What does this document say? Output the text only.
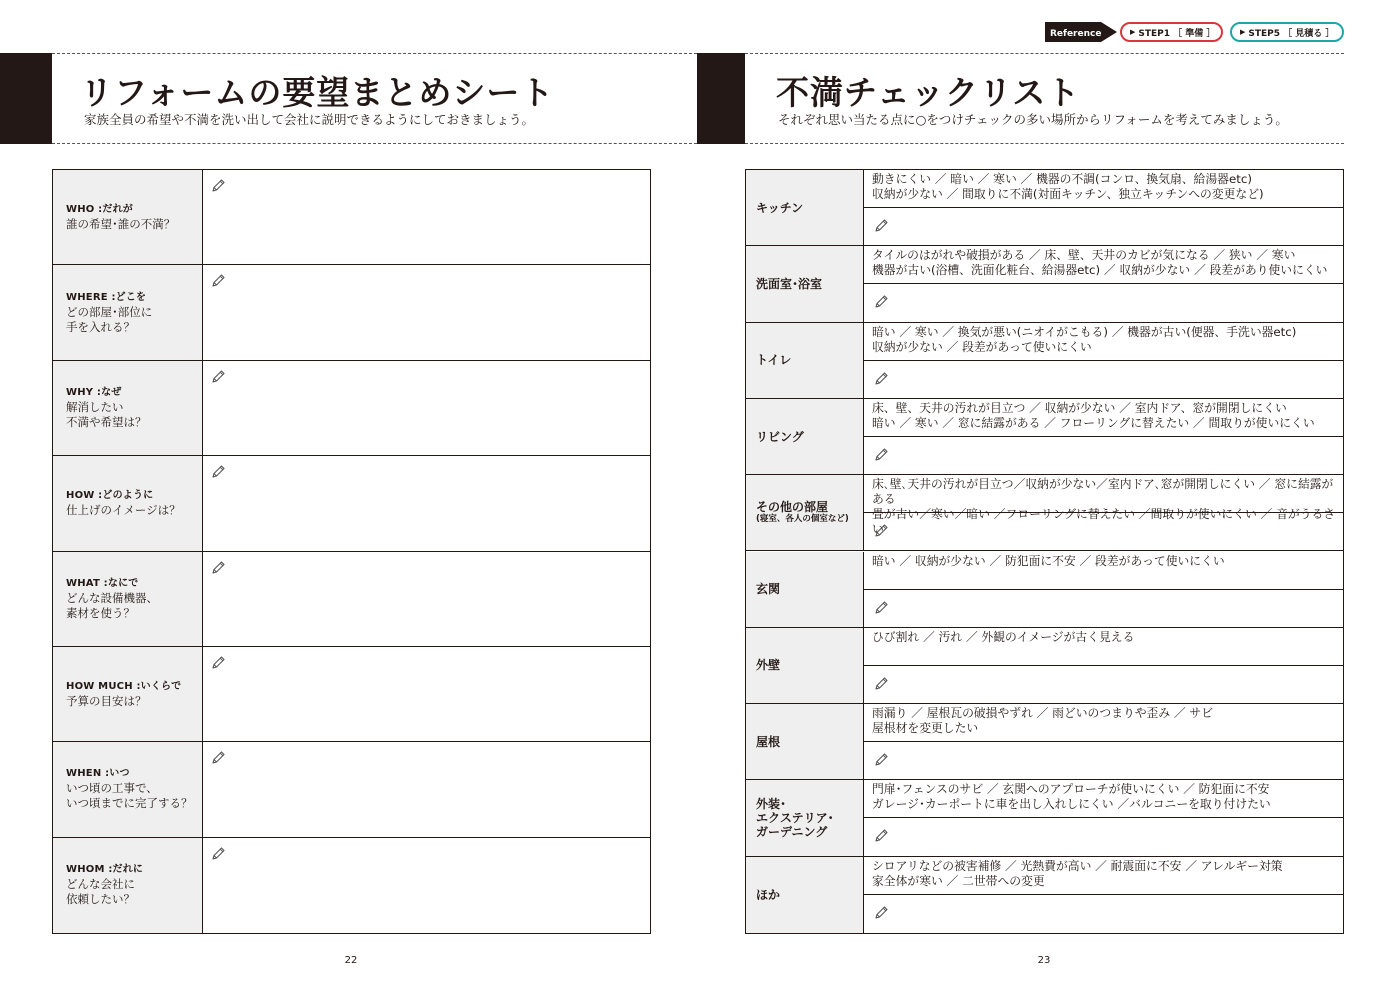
リフォームの要望まとめシート
家族全員の希望や不満を洗い出して会社に説明できるようにしておきましょう。
WHO :だれが
誰の希望･誰の不満？
WHERE :どこを
どの部屋･部位に
手を入れる？
WHY :なぜ
解消したい
不満や希望は？
HOW :どのように
仕上げのイメージは？
WHAT :なにで
どんな設備機器、
素材を使う？
HOW MUCH :いくらで
予算の目安は？
WHEN :いつ
いつ頃の工事で、
いつ頃までに完了する？
WHOM :だれに
どんな会社に
依頼したい？
22
不満チェックリスト
それぞれ思い当たる点に○をつけチェックの多い場所からリフォームを考えてみましょう。
キッチン
動きにくい ／ 暗い ／ 寒い ／ 機器の不調(コンロ、換気扇、給湯器etc)
収納が少ない ／ 間取りに不満(対面キッチン、独立キッチンへの変更など)
洗面室･浴室
タイルのはがれや破損がある ／ 床、壁、天井のカビが気になる ／ 狭い ／ 寒い
機器が古い(浴槽、洗面化粧台、給湯器etc) ／ 収納が少ない ／ 段差があり使いにくい
トイレ
暗い ／ 寒い ／ 換気が悪い(ニオイがこもる) ／ 機器が古い(便器、手洗い器etc)
収納が少ない ／ 段差があって使いにくい
リビング
床、壁、天井の汚れが目立つ ／ 収納が少ない ／ 室内ドア、窓が開閉しにくい
暗い ／ 寒い ／ 窓に結露がある ／ フローリングに替えたい ／ 間取りが使いにくい
その他の部屋
(寝室、各人の個室など)
床､壁､天井の汚れが目立つ／収納が少ない／室内ドア､窓が開閉しにくい ／ 窓に結露がある
畳が古い／寒い／暗い ／フローリングに替えたい ／間取りが使いにくい ／ 音がうるさい
玄関
暗い ／ 収納が少ない ／ 防犯面に不安 ／ 段差があって使いにくい
外壁
ひび割れ ／ 汚れ ／ 外観のイメージが古く見える
屋根
雨漏り ／ 屋根瓦の破損やずれ ／ 雨どいのつまりや歪み ／ サビ
屋根材を変更したい
外装･
エクステリア･
ガーデニング
門扉･フェンスのサビ ／ 玄関へのアプローチが使いにくい ／ 防犯面に不安
ガレージ･カーポートに車を出し入れしにくい ／バルコニーを取り付けたい
ほか
シロアリなどの被害補修 ／ 光熱費が高い ／ 耐震面に不安 ／ アレルギー対策
家全体が寒い ／ 二世帯への変更
23
Reference	▶ STEP1 ［ 準備 ］	▶ STEP5 ［ 見積る ］
